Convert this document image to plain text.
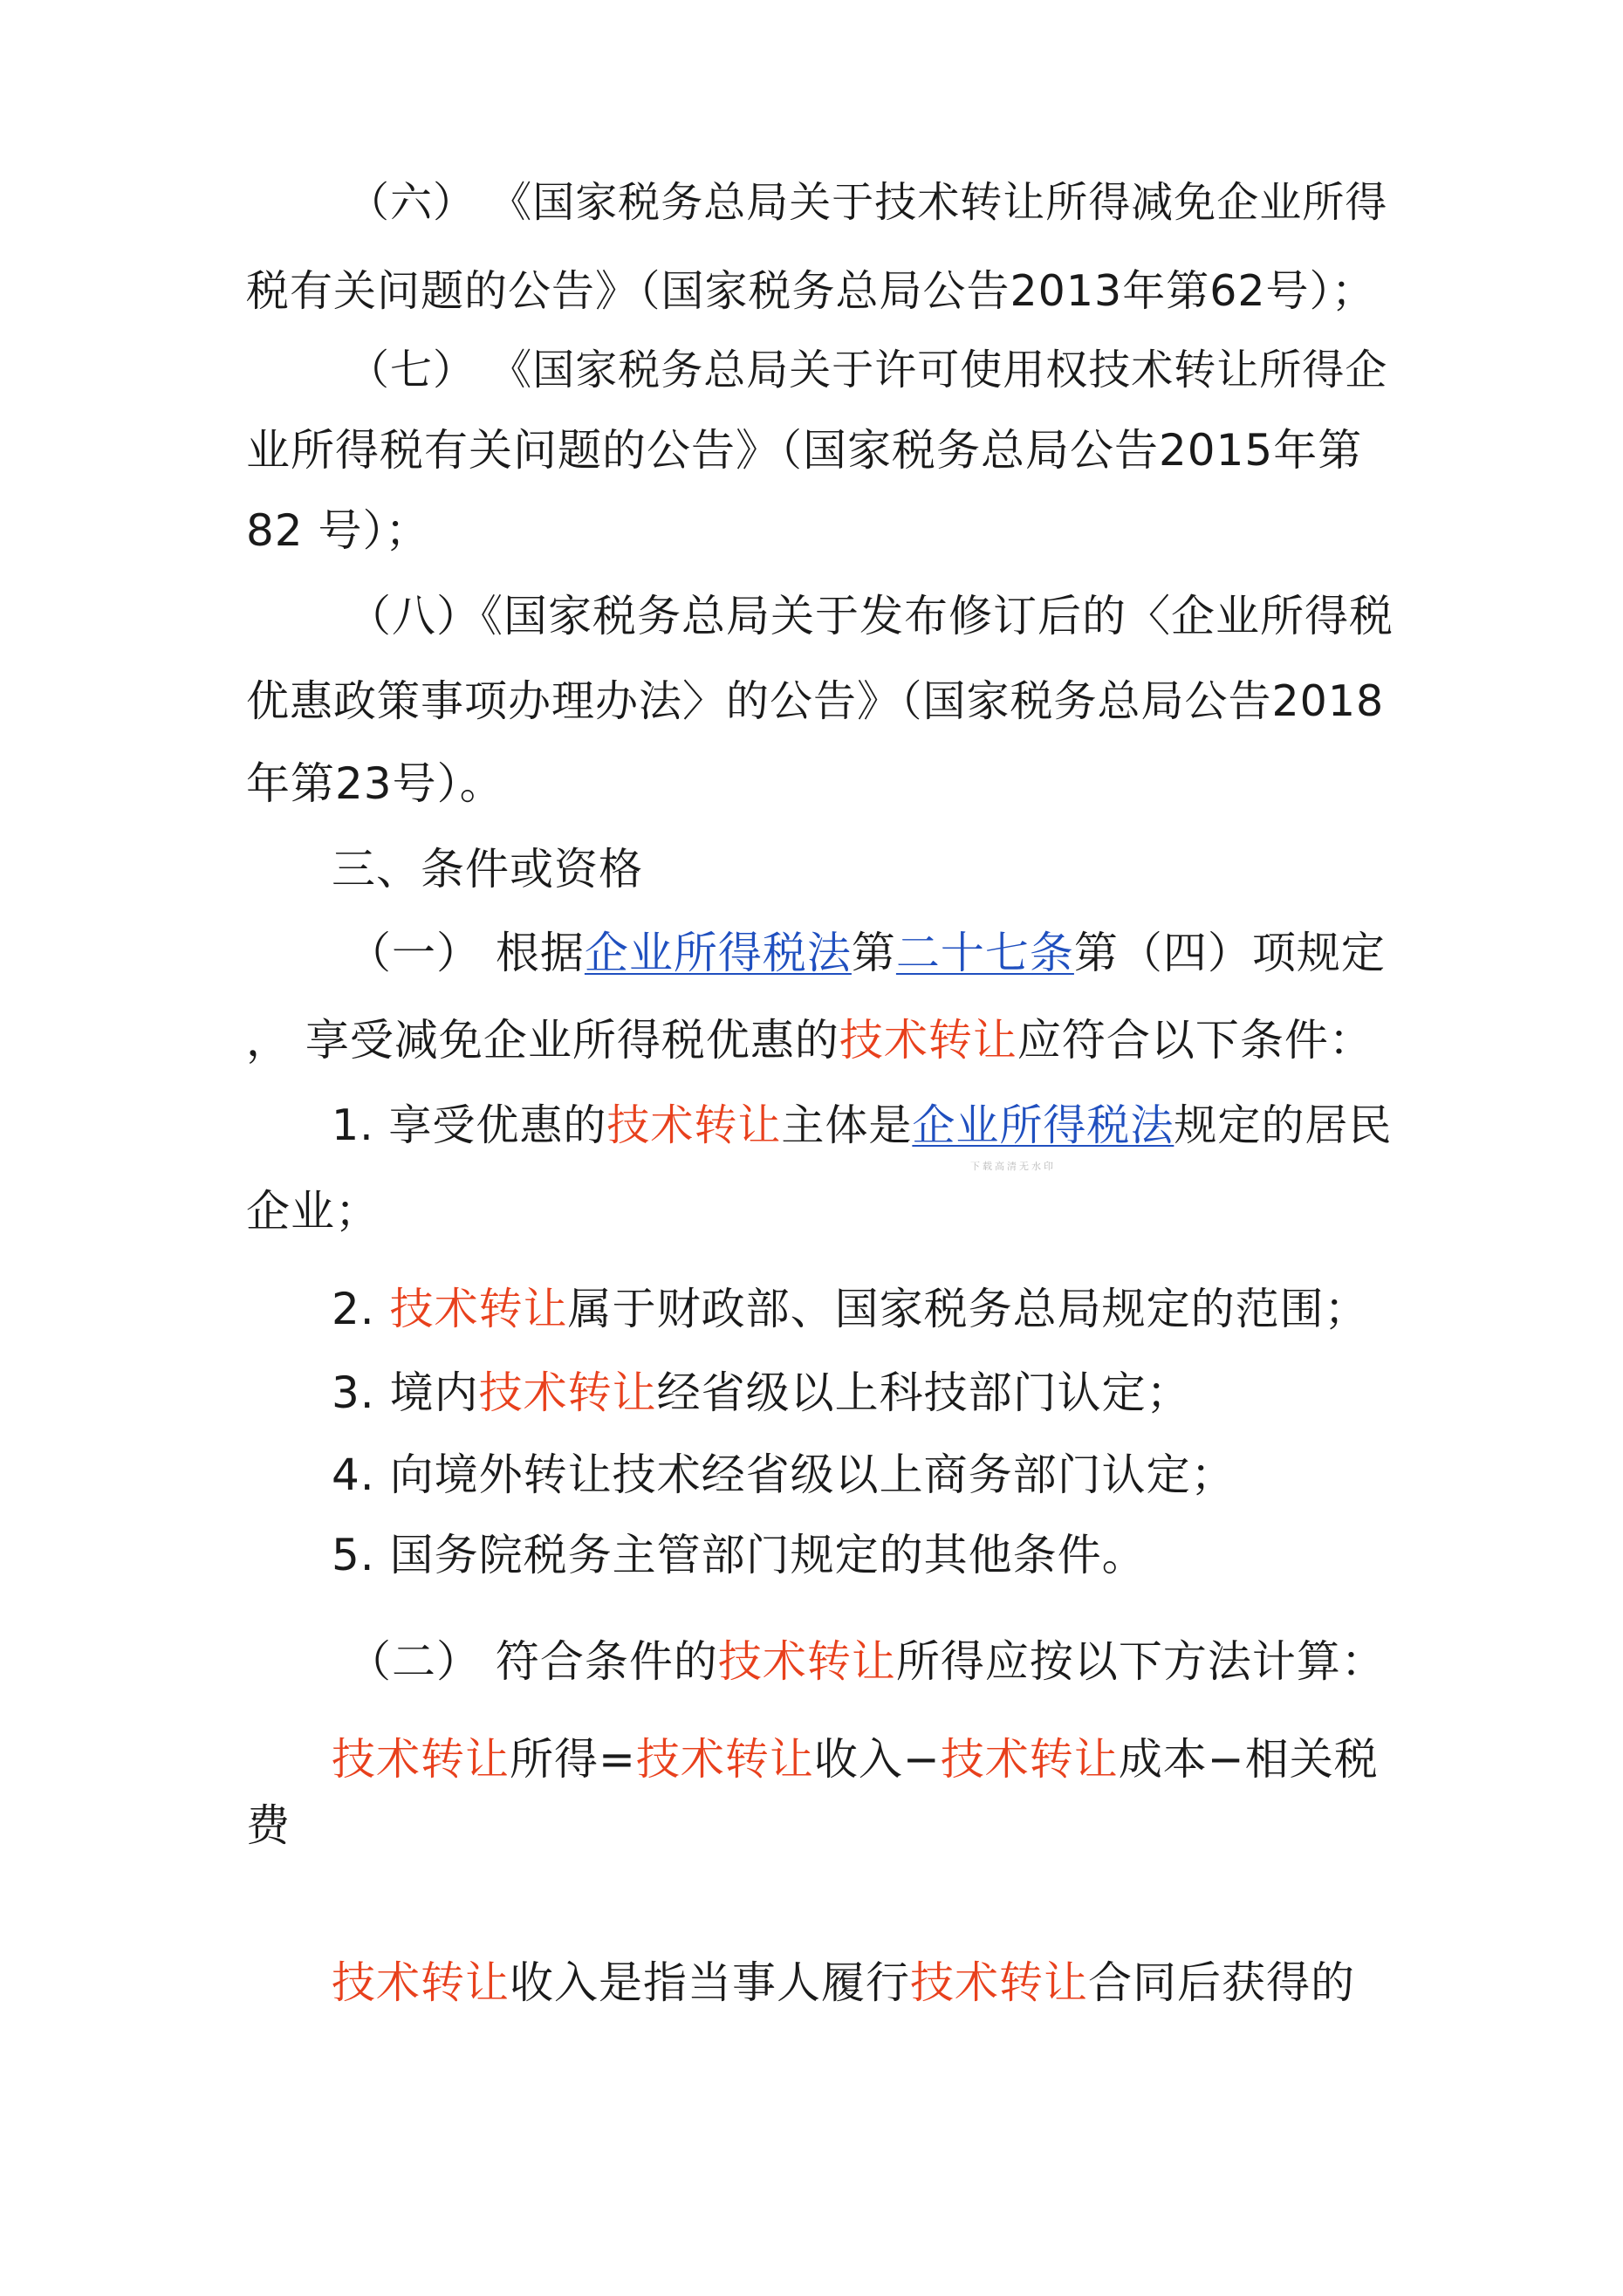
（六） 《国家税务总局关于技术转让所得减免企业所得
税有关问题的公告》（国家税务总局公告2013年第62号）；
（七） 《国家税务总局关于许可使用权技术转让所得企
业所得税有关问题的公告》（国家税务总局公告2015年第
82 号）；
（八）《国家税务总局关于发布修订后的〈企业所得税
优惠政策事项办理办法〉的公告》（国家税务总局公告2018
年第23号）。
三、条件或资格
（一） 根据企业所得税法第二十七条第（四）项规定
， 享受减免企业所得税优惠的技术转让应符合以下条件：
1. 享受优惠的技术转让主体是企业所得税法规定的居民
下载高清无水印
企业；
2. 技术转让属于财政部、国家税务总局规定的范围；
3. 境内技术转让经省级以上科技部门认定；
4. 向境外转让技术经省级以上商务部门认定；
5. 国务院税务主管部门规定的其他条件。
（二） 符合条件的技术转让所得应按以下方法计算：
技术转让所得=技术转让收入−技术转让成本−相关税
费
技术转让收入是指当事人履行技术转让合同后获得的
